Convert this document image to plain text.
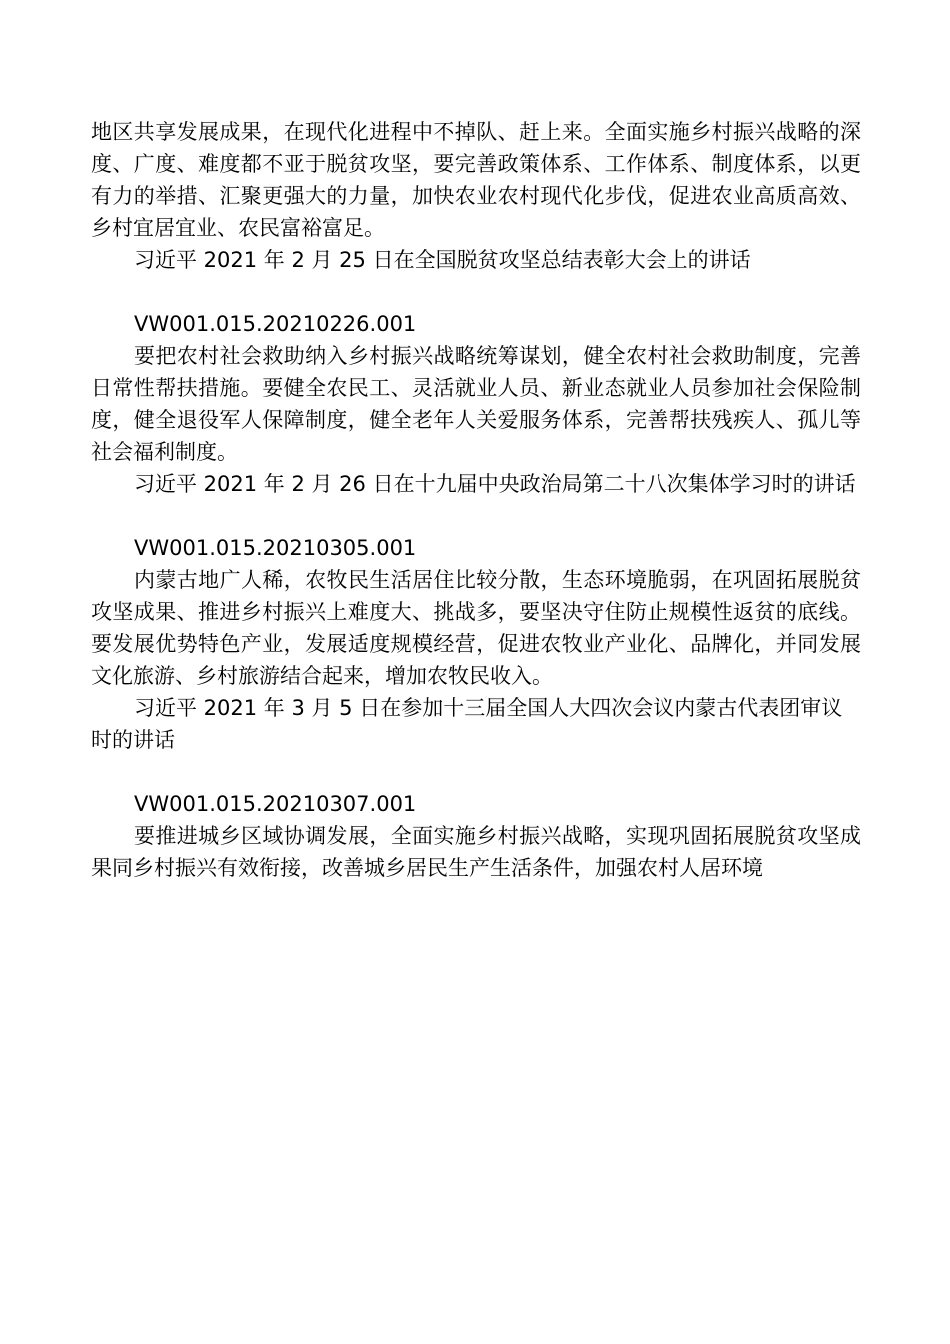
地区共享发展成果，在现代化进程中不掉队、赶上来。全面实施乡村振兴战略的深度、广度、难度都不亚于脱贫攻坚，要完善政策体系、工作体系、制度体系，以更有力的举措、汇聚更强大的力量，加快农业农村现代化步伐，促进农业高质高效、乡村宜居宜业、农民富裕富足。

习近平 2021 年 2 月 25 日在全国脱贫攻坚总结表彰大会上的讲话

VW001.015.20210226.001

要把农村社会救助纳入乡村振兴战略统筹谋划，健全农村社会救助制度，完善日常性帮扶措施。要健全农民工、灵活就业人员、新业态就业人员参加社会保险制度，健全退役军人保障制度，健全老年人关爱服务体系，完善帮扶残疾人、孤儿等社会福利制度。

习近平 2021 年 2 月 26 日在十九届中央政治局第二十八次集体学习时的讲话

VW001.015.20210305.001

内蒙古地广人稀，农牧民生活居住比较分散，生态环境脆弱，在巩固拓展脱贫攻坚成果、推进乡村振兴上难度大、挑战多，要坚决守住防止规模性返贫的底线。要发展优势特色产业，发展适度规模经营，促进农牧业产业化、品牌化，并同发展文化旅游、乡村旅游结合起来，增加农牧民收入。

习近平 2021 年 3 月 5 日在参加十三届全国人大四次会议内蒙古代表团审议时的讲话

VW001.015.20210307.001

要推进城乡区域协调发展，全面实施乡村振兴战略，实现巩固拓展脱贫攻坚成果同乡村振兴有效衔接，改善城乡居民生产生活条件，加强农村人居环境
